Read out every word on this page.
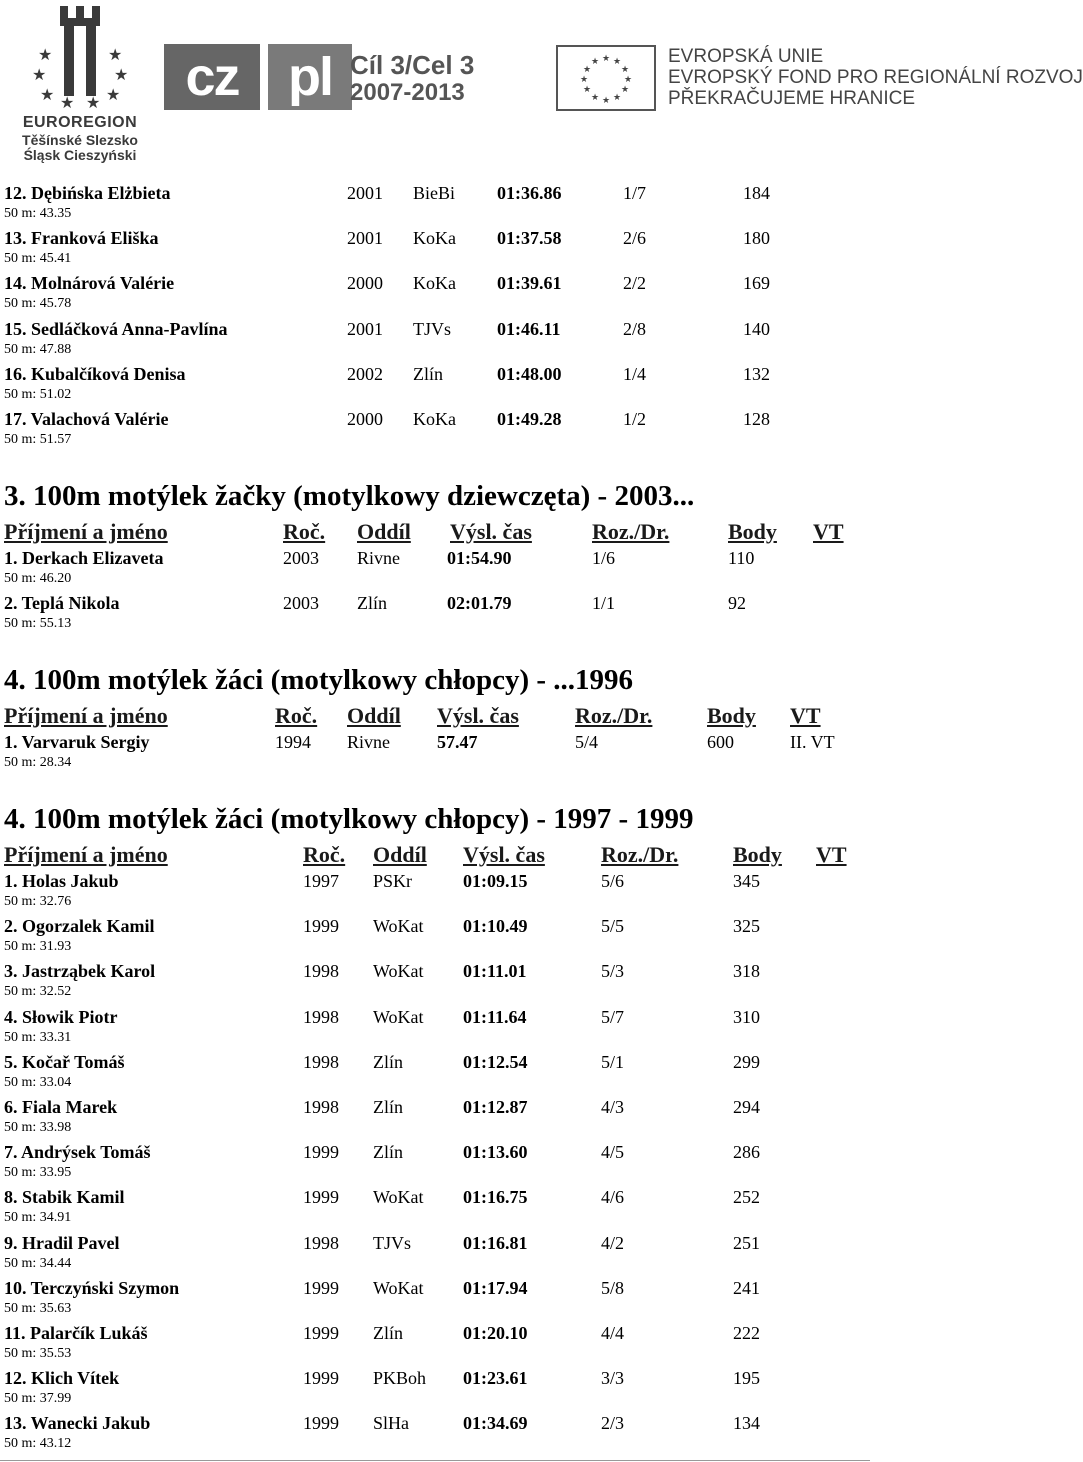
★
★
★ ★
★
★
★
★
EUROREGION
Těšínské Slezsko
Śląsk Cieszyński
cz pl Cíl 3/Cel 3
2007-2013
★ ★
★
★
★
★
★
★
★
★
★
★	EVROPSKÁ UNIE
EVROPSKÝ FOND PRO REGIONÁLNÍ ROZVOJ
PŘEKRAČUJEME HRANICE
12. Dębińska Elżbieta	2001 BieBi 01:36.86	1/7	184
50 m: 43.35
13. Franková Eliška	2001 KoKa 01:37.58	2/6	180
50 m: 45.41
14. Molnárová Valérie	2000 KoKa 01:39.61	2/2	169
50 m: 45.78
15. Sedláčková Anna-Pavlína	2001 TJVs	01:46.11	2/8	140
50 m: 47.88
16. Kubalčíková Denisa	2002 Zlín	01:48.00	1/4	132
50 m: 51.02
17. Valachová Valérie	2000 KoKa 01:49.28	1/2	128
50 m: 51.57
3. 100m motýlek žačky (motylkowy dziewczęta) - 2003...
Příjmení a jméno	Roč. Oddíl Výsl. čas	Roz./Dr.	Body VT
1. Derkach Elizaveta	2003 Rivne	01:54.90	1/6	110
50 m: 46.20
2. Teplá Nikola	2003 Zlín	02:01.79	1/1	92
50 m: 55.13
4. 100m motýlek žáci (motylkowy chłopcy) - ...1996
Příjmení a jméno	Roč. Oddíl Výsl. čas	Roz./Dr. Body VT
1. Varvaruk Sergiy	1994 Rivne	57.47	5/4	600	II. VT
50 m: 28.34
4. 100m motýlek žáci (motylkowy chłopcy) - 1997 - 1999
Příjmení a jméno	Roč. Oddíl Výsl. čas	Roz./Dr. Body VT
1. Holas Jakub	1997 PSKr	01:09.15	5/6	345
50 m: 32.76
2. Ogorzalek Kamil	1999 WoKat 01:10.49	5/5	325
50 m: 31.93
3. Jastrząbek Karol	1998 WoKat 01:11.01	5/3	318
50 m: 32.52
4. Słowik Piotr	1998 WoKat 01:11.64	5/7	310
50 m: 33.31
5. Kočař Tomáš	1998 Zlín	01:12.54	5/1	299
50 m: 33.04
6. Fiala Marek	1998 Zlín	01:12.87	4/3	294
50 m: 33.98
7. Andrýsek Tomáš	1999 Zlín	01:13.60	4/5	286
50 m: 33.95
8. Stabik Kamil	1999 WoKat 01:16.75	4/6	252
50 m: 34.91
9. Hradil Pavel	1998 TJVs	01:16.81	4/2	251
50 m: 34.44
10. Terczyński Szymon	1999 WoKat 01:17.94	5/8	241
50 m: 35.63
11. Palarčík Lukáš	1999 Zlín	01:20.10	4/4	222
50 m: 35.53
12. Klich Vítek	1999 PKBoh 01:23.61	3/3	195
50 m: 37.99
13. Wanecki Jakub	1999 SlHa	01:34.69	2/3	134
50 m: 43.12
